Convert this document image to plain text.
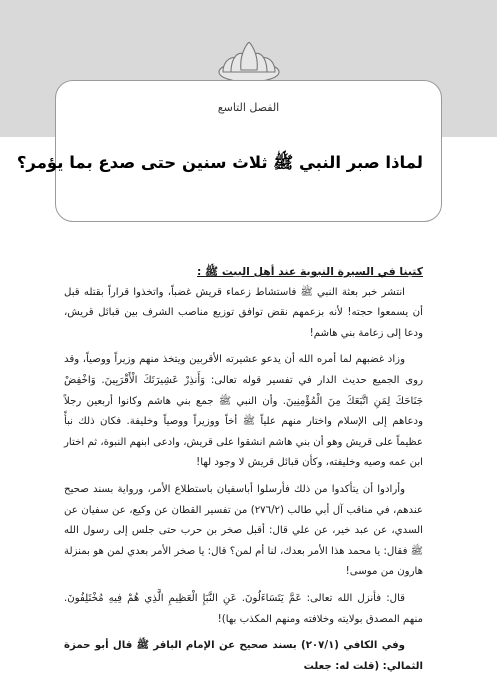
الفصل التاسع
لماذا صبر النبي ﷺ ثلاث سنين حتى صدع بما يؤمر؟

كتبنا في السيرة النبوية عند أهل البيت ﷺ :

انتشر خبر بعثة النبي ﷺ فاستشاط زعماء قريش غضباً، واتخذوا قراراً بقتله قبل أن يسمعوا حجته! لأنه بزعمهم نقض توافق توزيع مناصب الشرف بين قبائل قريش، ودعا إلى زعامة بني هاشم!

وزاد غضبهم لما أمره الله أن يدعو عشيرته الأقربين ويتخذ منهم وزيراً ووصياً، وقد روى الجميع حديث الدار في تفسير قوله تعالى: وَأَنذِرْ عَشِيرَتَكَ الْأَقْرَبِينَ. وَاخْفِضْ جَنَاحَكَ لِمَنِ اتَّبَعَكَ مِنَ الْمُؤْمِنِينَ. وأن النبي ﷺ جمع بني هاشم وكانوا أربعين رجلاً ودعاهم إلى الإسلام واختار منهم علياً ﷺ أخاً ووزيراً ووصياً وخليفة. فكان ذلك نبأً عظيماً على قريش وهو أن بني هاشم انشقوا على قريش، وادعى ابنهم النبوة، ثم اختار ابن عمه وصيه وخليفته، وكأن قبائل قريش لا وجود لها!

وأرادوا أن يتأكدوا من ذلك فأرسلوا أباسفيان باستطلاع الأمر، ورواية بسند صحيح عندهم، في مناقب آل أبي طالب (٢٧٦/٢) من تفسير القطان عن وكيع، عن سفيان عن السدي، عن عبد خير، عن علي قال: أقبل صخر بن حرب حتى جلس إلى رسول الله ﷺ فقال: يا محمد هذا الأمر بعدك، لنا أم لمن؟ قال: يا صخر الأمر بعدي لمن هو بمنزلة هارون من موسى!

قال: فأنزل الله تعالى: عَمَّ يَتَسَاءَلُونَ. عَنِ النَّبَإِ الْعَظِيمِ الَّذِي هُمْ فِيهِ مُخْتَلِفُونَ. منهم المصدق بولايته وخلافته ومنهم المكذب بها)!

وفي الكافي (٢٠٧/١) بسند صحيح عن الإمام الباقر ﷺ قال أبو حمزة الثمالي: (قلت له: جعلت
